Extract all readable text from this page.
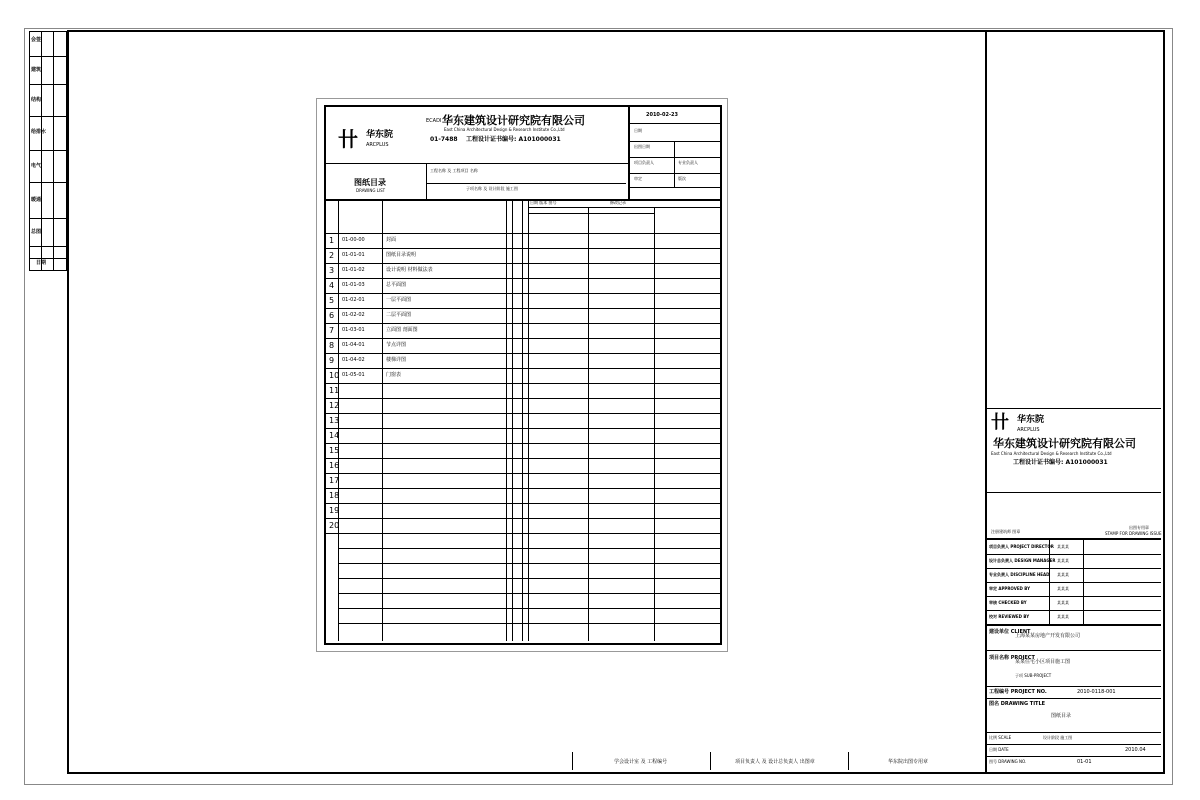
会签
建筑
结构
给排水
电气
暖通
总图
日期
学会设计室 及 工程编号	项目负责人 及 设计总负责人 出图章	华东院出图专用章
卄 华东院
ARCPLUS
ECADI 华东建筑设计研究院有限公司
East China Architectural Design & Research Institute Co.,Ltd
01-7488 工程设计证书编号: A101000031
图纸目录
DRAWING LIST
工程名称 及 工程项目 名称
子项名称 及 设计阶段 施工图
2010-02-23
日期
出图日期
项目负责人	专业负责人
审定	版次
日期 版本 图号	修改记录
1 01-00-00	封面
2 01-01-01	图纸目录说明
3 01-01-02	设计说明 材料做法表
4 01-01-03	总平面图
5 01-02-01	一层平面图
6 01-02-02	二层平面图
7 01-03-01	立面图 剖面图
8 01-04-01	节点详图
9 01-04-02	楼梯详图
10 01-05-01	门窗表
11
12
13
14
15
16
17
18
19
20
卄 华东院
ARCPLUS
华东建筑设计研究院有限公司
East China Architectural Design & Research Institute Co.,Ltd
工程设计证书编号: A101000031
注册建筑师 图章
出图专用章
STAMP FOR DRAWING ISSUE
项目负责人 PROJECT DIRECTOR 某某某
设计总负责人 DESIGN MANAGER 某某某
专业负责人 DISCIPLINE HEAD 某某某
审定 APPROVED BY	某某某
审核 CHECKED BY	某某某
校对 REVIEWED BY	某某某
建设单位 CLIENT
上海某某房地产开发有限公司
项目名称 PROJECT
某某住宅小区项目施工图
子项 SUB-PROJECT
工程编号 PROJECT NO.	2010-0118-001
图名 DRAWING TITLE
图纸目录
比例 SCALE	设计阶段 施工图
日期 DATE	2010.04
图号 DRAWING NO.	01-01
